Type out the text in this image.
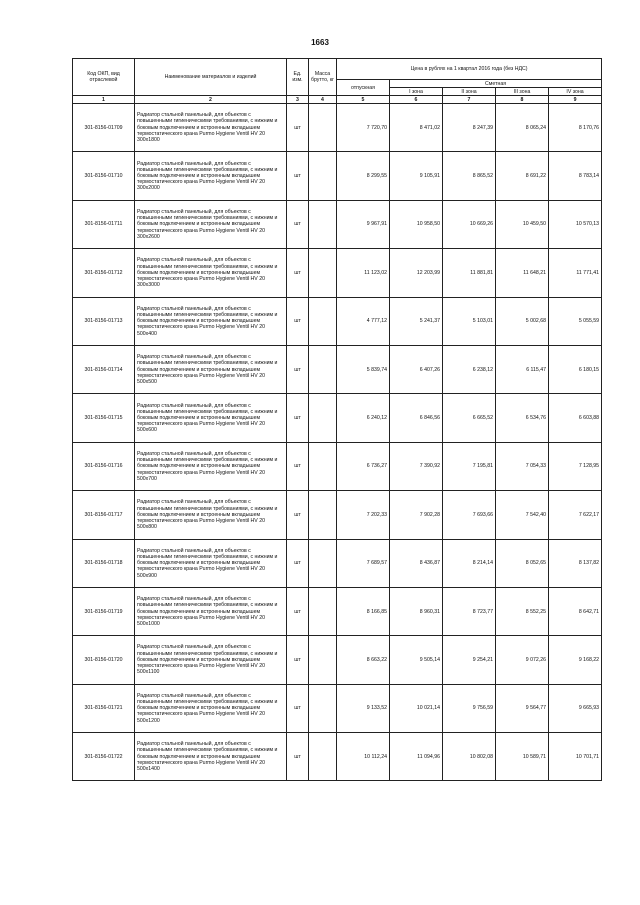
1663
Код ОКП, вид отраслевой	Наименование материалов и изделий	Ед. изм.	Масса брутто, кг	Цена в рублях на 1 квартал 2016 года (без НДС)				
				отпускная	Сметная			
					I зона	II зона	III зона	IV зона
1	2	3	4	5	6	7	8	9
301-8156-01709	Радиатор стальной панельный, для объектов с повышенными гигиеническими требованиями, с нижним и боковым подключением и встроенным вкладышем термостатического крана Purmo Hygiene Ventil HV 20 300x1800	шт		7 720,70	8 471,02	8 247,39	8 065,24	8 170,76
301-8156-01710	Радиатор стальной панельный, для объектов с повышенными гигиеническими требованиями, с нижним и боковым подключением и встроенным вкладышем термостатического крана Purmo Hygiene Ventil HV 20 300x2000	шт		8 299,55	9 105,91	8 865,52	8 691,22	8 783,14
301-8156-01711	Радиатор стальной панельный, для объектов с повышенными гигиеническими требованиями, с нижним и боковым подключением и встроенным вкладышем термостатического крана Purmo Hygiene Ventil HV 20 300x2600	шт		9 967,91	10 958,50	10 669,26	10 459,50	10 570,13
301-8156-01712	Радиатор стальной панельный, для объектов с повышенными гигиеническими требованиями, с нижним и боковым подключением и встроенным вкладышем термостатического крана Purmo Hygiene Ventil HV 20 300x3000	шт		11 123,02	12 203,99	11 881,81	11 648,21	11 771,41
301-8156-01713	Радиатор стальной панельный, для объектов с повышенными гигиеническими требованиями, с нижним и боковым подключением и встроенным вкладышем термостатического крана Purmo Hygiene Ventil HV 20 500x400	шт		4 777,12	5 241,37	5 103,01	5 002,68	5 055,59
301-8156-01714	Радиатор стальной панельный, для объектов с повышенными гигиеническими требованиями, с нижним и боковым подключением и встроенным вкладышем термостатического крана Purmo Hygiene Ventil HV 20 500x500	шт		5 839,74	6 407,26	6 238,12	6 115,47	6 180,15
301-8156-01715	Радиатор стальной панельный, для объектов с повышенными гигиеническими требованиями, с нижним и боковым подключением и встроенным вкладышем термостатического крана Purmo Hygiene Ventil HV 20 500x600	шт		6 240,12	6 846,56	6 665,52	6 534,76	6 603,88
301-8156-01716	Радиатор стальной панельный, для объектов с повышенными гигиеническими требованиями, с нижним и боковым подключением и встроенным вкладышем термостатического крана Purmo Hygiene Ventil HV 20 500x700	шт		6 736,27	7 390,92	7 195,81	7 054,33	7 128,95
301-8156-01717	Радиатор стальной панельный, для объектов с повышенными гигиеническими требованиями, с нижним и боковым подключением и встроенным вкладышем термостатического крана Purmo Hygiene Ventil HV 20 500x800	шт		7 202,33	7 902,28	7 693,66	7 542,40	7 622,17
301-8156-01718	Радиатор стальной панельный, для объектов с повышенными гигиеническими требованиями, с нижним и боковым подключением и встроенным вкладышем термостатического крана Purmo Hygiene Ventil HV 20 500x900	шт		7 689,57	8 436,87	8 214,14	8 052,65	8 137,82
301-8156-01719	Радиатор стальной панельный, для объектов с повышенными гигиеническими требованиями, с нижним и боковым подключением и встроенным вкладышем термостатического крана Purmo Hygiene Ventil HV 20 500x1000	шт		8 166,85	8 960,31	8 723,77	8 552,25	8 642,71
301-8156-01720	Радиатор стальной панельный, для объектов с повышенными гигиеническими требованиями, с нижним и боковым подключением и встроенным вкладышем термостатического крана Purmo Hygiene Ventil HV 20 500x1100	шт		8 663,22	9 505,14	9 254,21	9 072,26	9 168,22
301-8156-01721	Радиатор стальной панельный, для объектов с повышенными гигиеническими требованиями, с нижним и боковым подключением и встроенным вкладышем термостатического крана Purmo Hygiene Ventil HV 20 500x1200	шт		9 133,52	10 021,14	9 756,59	9 564,77	9 665,93
301-8156-01722	Радиатор стальной панельный, для объектов с повышенными гигиеническими требованиями, с нижним и боковым подключением и встроенным вкладышем термостатического крана Purmo Hygiene Ventil HV 20 500x1400	шт		10 112,24	11 094,96	10 802,08	10 589,71	10 701,71
